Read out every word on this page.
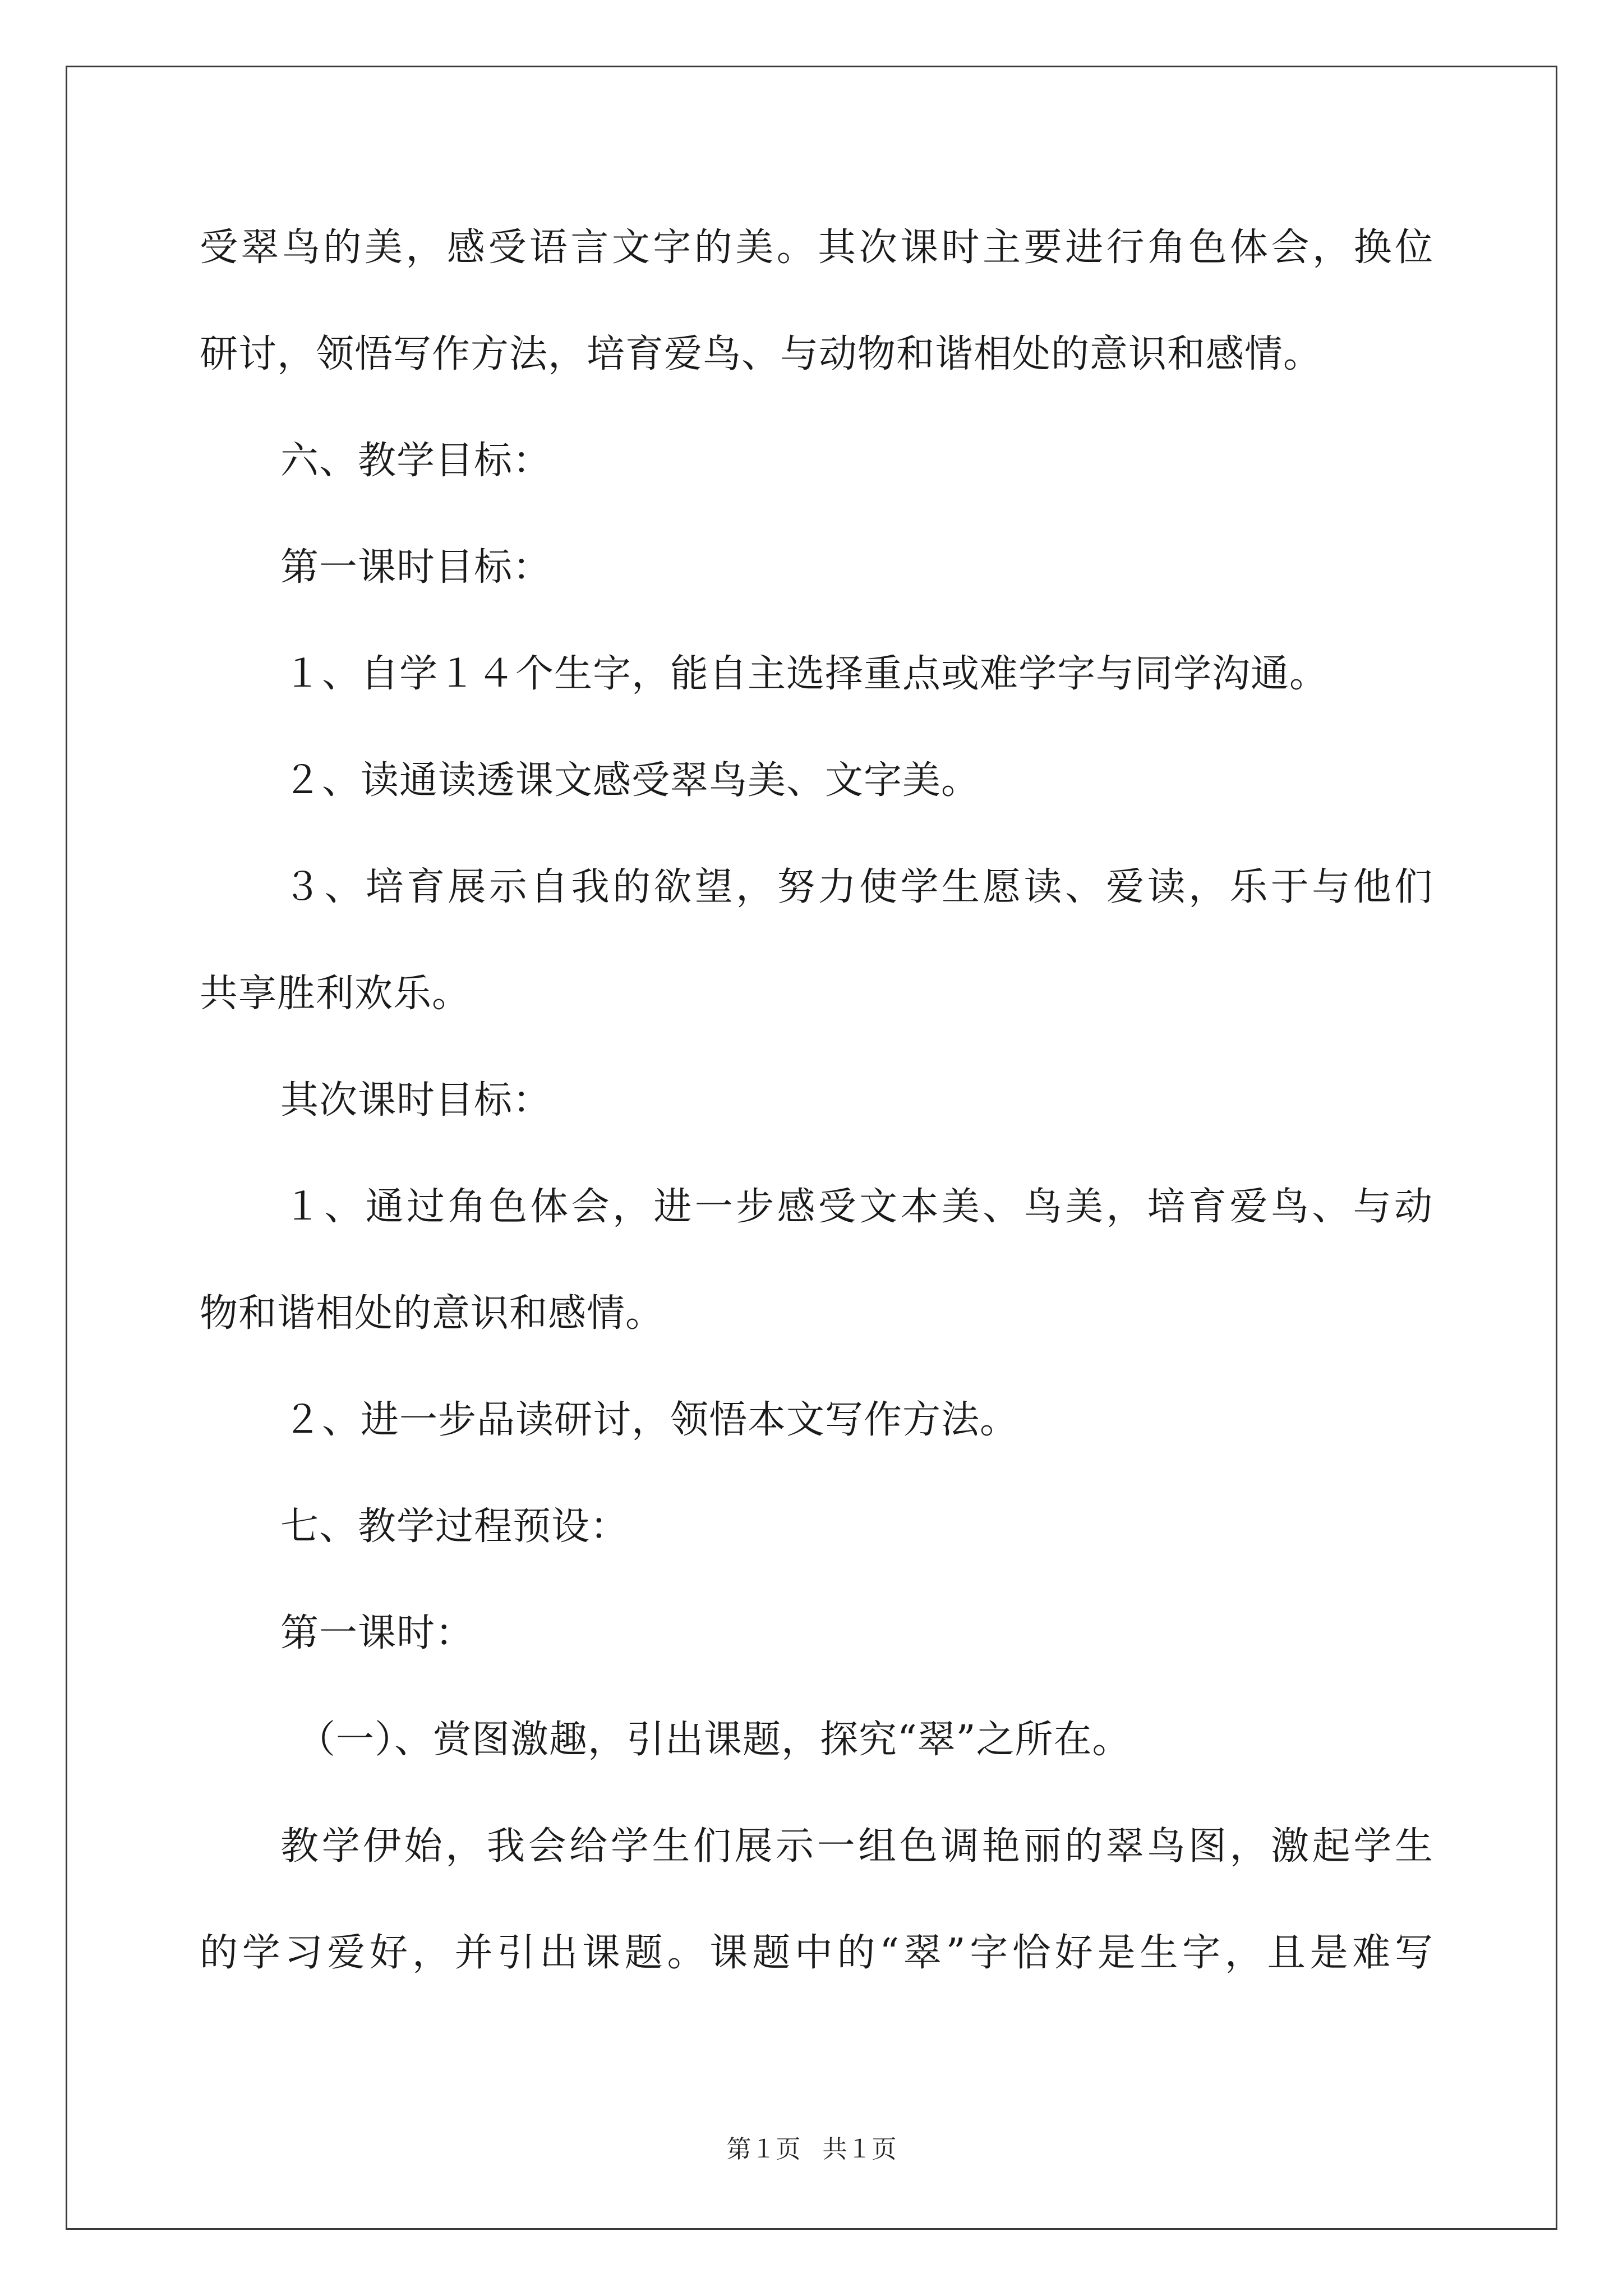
受翠鸟的美，感受语言文字的美。其次课时主要进行角色体会，换位
研讨，领悟写作方法，培育爱鸟、与动物和谐相处的意识和感情。
六、教学目标：
第一课时目标：
１、自学１４个生字，能自主选择重点或难学字与同学沟通。
２、读通读透课文感受翠鸟美、文字美。
３、培育展示自我的欲望，努力使学生愿读、爱读，乐于与他们
共享胜利欢乐。
其次课时目标：
１、通过角色体会，进一步感受文本美、鸟美，培育爱鸟、与动
物和谐相处的意识和感情。
２、进一步品读研讨，领悟本文写作方法。
七、教学过程预设：
第一课时：
（一）、赏图激趣，引出课题，探究“翠”之所在。
教学伊始，我会给学生们展示一组色调艳丽的翠鸟图，激起学生
的学习爱好，并引出课题。课题中的“翠”字恰好是生字，且是难写
第１页 共１页
